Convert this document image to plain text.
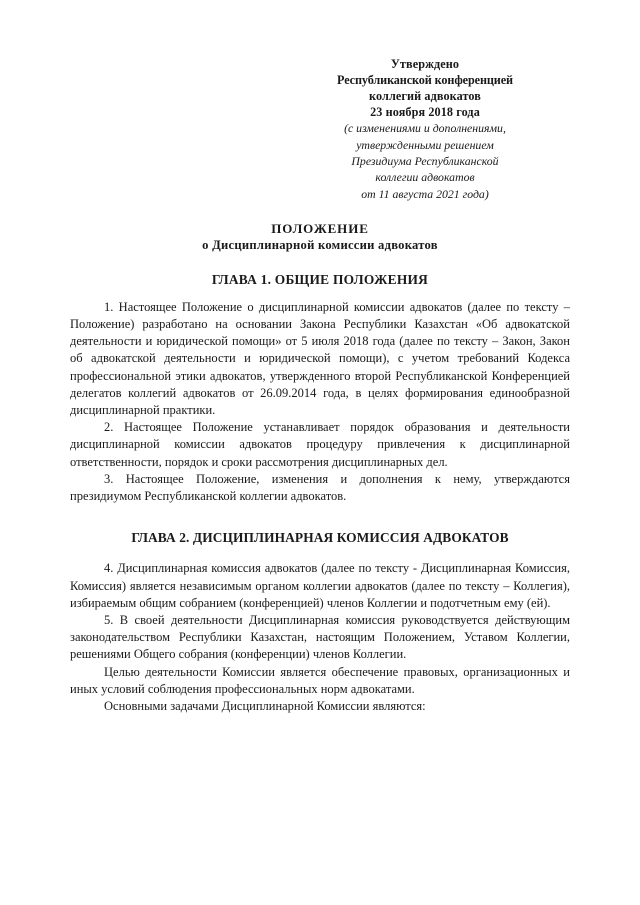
Утверждено
Республиканской конференцией
коллегий адвокатов
23 ноября 2018 года
(с изменениями и дополнениями,
утвержденными решением
Президиума Республиканской
коллегии адвокатов
от 11 августа 2021 года)
ПОЛОЖЕНИЕ
о Дисциплинарной комиссии адвокатов
ГЛАВА 1. ОБЩИЕ ПОЛОЖЕНИЯ

1. Настоящее Положение о дисциплинарной комиссии адвокатов (далее по тексту – Положение) разработано на основании Закона Республики Казахстан «Об адвокатской деятельности и юридической помощи» от 5 июля 2018 года (далее по тексту – Закон, Закон об адвокатской деятельности и юридической помощи), с учетом требований Кодекса профессиональной этики адвокатов, утвержденного второй Республиканской Конференцией делегатов коллегий адвокатов от 26.09.2014 года, в целях формирования единообразной дисциплинарной практики.

2. Настоящее Положение устанавливает порядок образования и деятельности дисциплинарной комиссии адвокатов процедуру привлечения к дисциплинарной ответственности, порядок и сроки рассмотрения дисциплинарных дел.

3. Настоящее Положение, изменения и дополнения к нему, утверждаются президиумом Республиканской коллегии адвокатов.

ГЛАВА 2. ДИСЦИПЛИНАРНАЯ КОМИССИЯ АДВОКАТОВ

4. Дисциплинарная комиссия адвокатов (далее по тексту - Дисциплинарная Комиссия, Комиссия) является независимым органом коллегии адвокатов (далее по тексту – Коллегия), избираемым общим собранием (конференцией) членов Коллегии и подотчетным ему (ей).

5. В своей деятельности Дисциплинарная комиссия руководствуется действующим законодательством Республики Казахстан, настоящим Положением, Уставом Коллегии, решениями Общего собрания (конференции) членов Коллегии.

Целью деятельности Комиссии является обеспечение правовых, организационных и иных условий соблюдения профессиональных норм адвокатами.

Основными задачами Дисциплинарной Комиссии являются:
